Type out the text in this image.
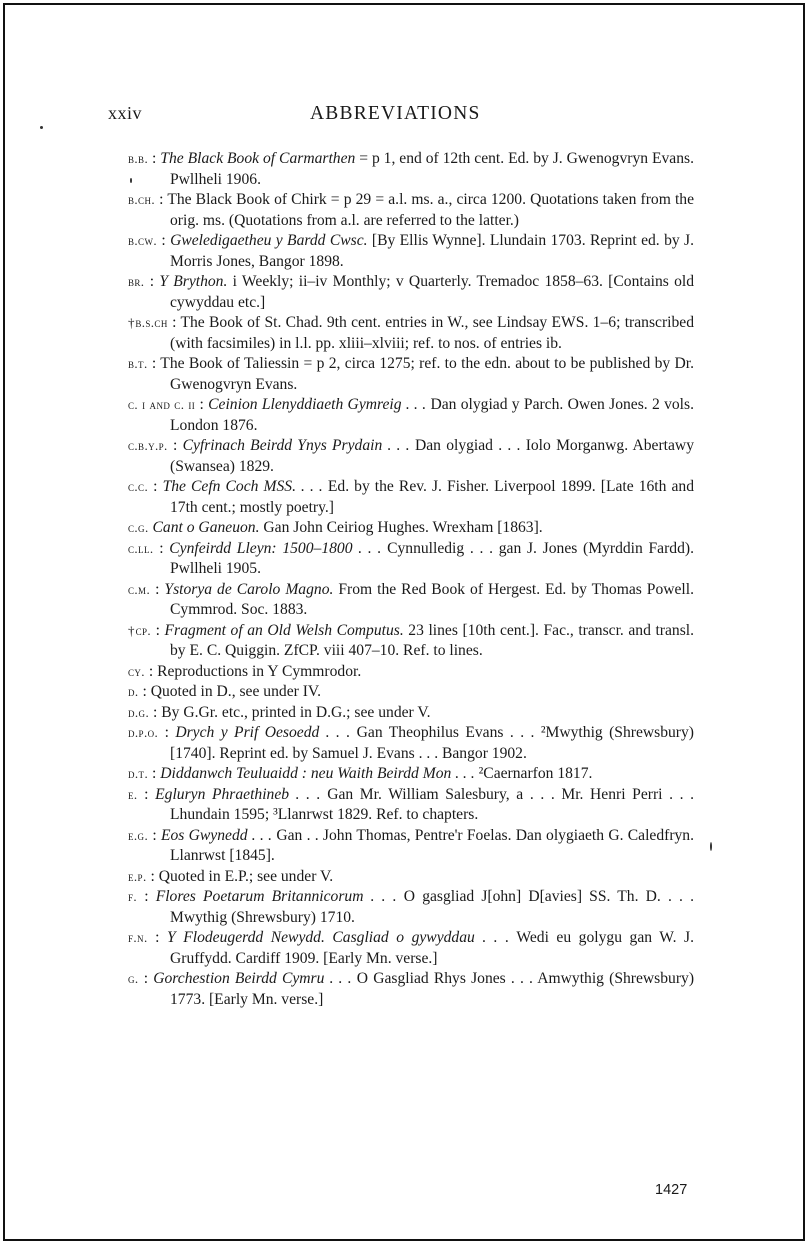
xxiv	ABBREVIATIONS
b.b. : The Black Book of Carmarthen = p 1, end of 12th cent. Ed. by J. Gwenogvryn Evans. Pwllheli 1906.
b.ch. : The Black Book of Chirk = p 29 = a.l. ms. a., circa 1200. Quotations taken from the orig. ms. (Quotations from a.l. are referred to the latter.)
b.cw. : Gweledigaetheu y Bardd Cwsc. [By Ellis Wynne]. Llundain 1703. Reprint ed. by J. Morris Jones, Bangor 1898.
br. : Y Brython. i Weekly; ii–iv Monthly; v Quarterly. Tremadoc 1858–63. [Contains old cywyddau etc.]
†b.s.ch : The Book of St. Chad. 9th cent. entries in W., see Lindsay EWS. 1–6; transcribed (with facsimiles) in l.l. pp. xliii–xlviii; ref. to nos. of entries ib.
b.t. : The Book of Taliessin = p 2, circa 1275; ref. to the edn. about to be published by Dr. Gwenogvryn Evans.
c. i and c. ii : Ceinion Llenyddiaeth Gymreig . . . Dan olygiad y Parch. Owen Jones. 2 vols. London 1876.
c.b.y.p. : Cyfrinach Beirdd Ynys Prydain . . . Dan olygiad . . . Iolo Morganwg. Abertawy (Swansea) 1829.
c.c. : The Cefn Coch MSS. . . . Ed. by the Rev. J. Fisher. Liverpool 1899. [Late 16th and 17th cent.; mostly poetry.]
c.g. Cant o Ganeuon. Gan John Ceiriog Hughes. Wrexham [1863].
c.ll. : Cynfeirdd Lleyn: 1500–1800 . . . Cynnulledig . . . gan J. Jones (Myrddin Fardd). Pwllheli 1905.
c.m. : Ystorya de Carolo Magno. From the Red Book of Hergest. Ed. by Thomas Powell. Cymmrod. Soc. 1883.
†cp. : Fragment of an Old Welsh Computus. 23 lines [10th cent.]. Fac., transcr. and transl. by E. C. Quiggin. ZfCP. viii 407–10. Ref. to lines.
cy. : Reproductions in Y Cymmrodor.
d. : Quoted in D., see under IV.
d.g. : By G.Gr. etc., printed in D.G.; see under V.
d.p.o. : Drych y Prif Oesoedd . . . Gan Theophilus Evans . . . ²Mwythig (Shrewsbury) [1740]. Reprint ed. by Samuel J. Evans . . . Bangor 1902.
d.t. : Diddanwch Teuluaidd : neu Waith Beirdd Mon . . . ²Caernarfon 1817.
e. : Egluryn Phraethineb . . . Gan Mr. William Salesbury, a . . . Mr. Henri Perri . . . Lhundain 1595; ³Llanrwst 1829. Ref. to chapters.
e.g. : Eos Gwynedd . . . Gan . . John Thomas, Pentre'r Foelas. Dan olygiaeth G. Caledfryn. Llanrwst [1845].
e.p. : Quoted in E.P.; see under V.
f. : Flores Poetarum Britannicorum . . . O gasgliad J[ohn] D[avies] SS. Th. D. . . . Mwythig (Shrewsbury) 1710.
f.n. : Y Flodeugerdd Newydd. Casgliad o gywyddau . . . Wedi eu golygu gan W. J. Gruffydd. Cardiff 1909. [Early Mn. verse.]
g. : Gorchestion Beirdd Cymru . . . O Gasgliad Rhys Jones . . . Amwythig (Shrewsbury) 1773. [Early Mn. verse.]
1427
